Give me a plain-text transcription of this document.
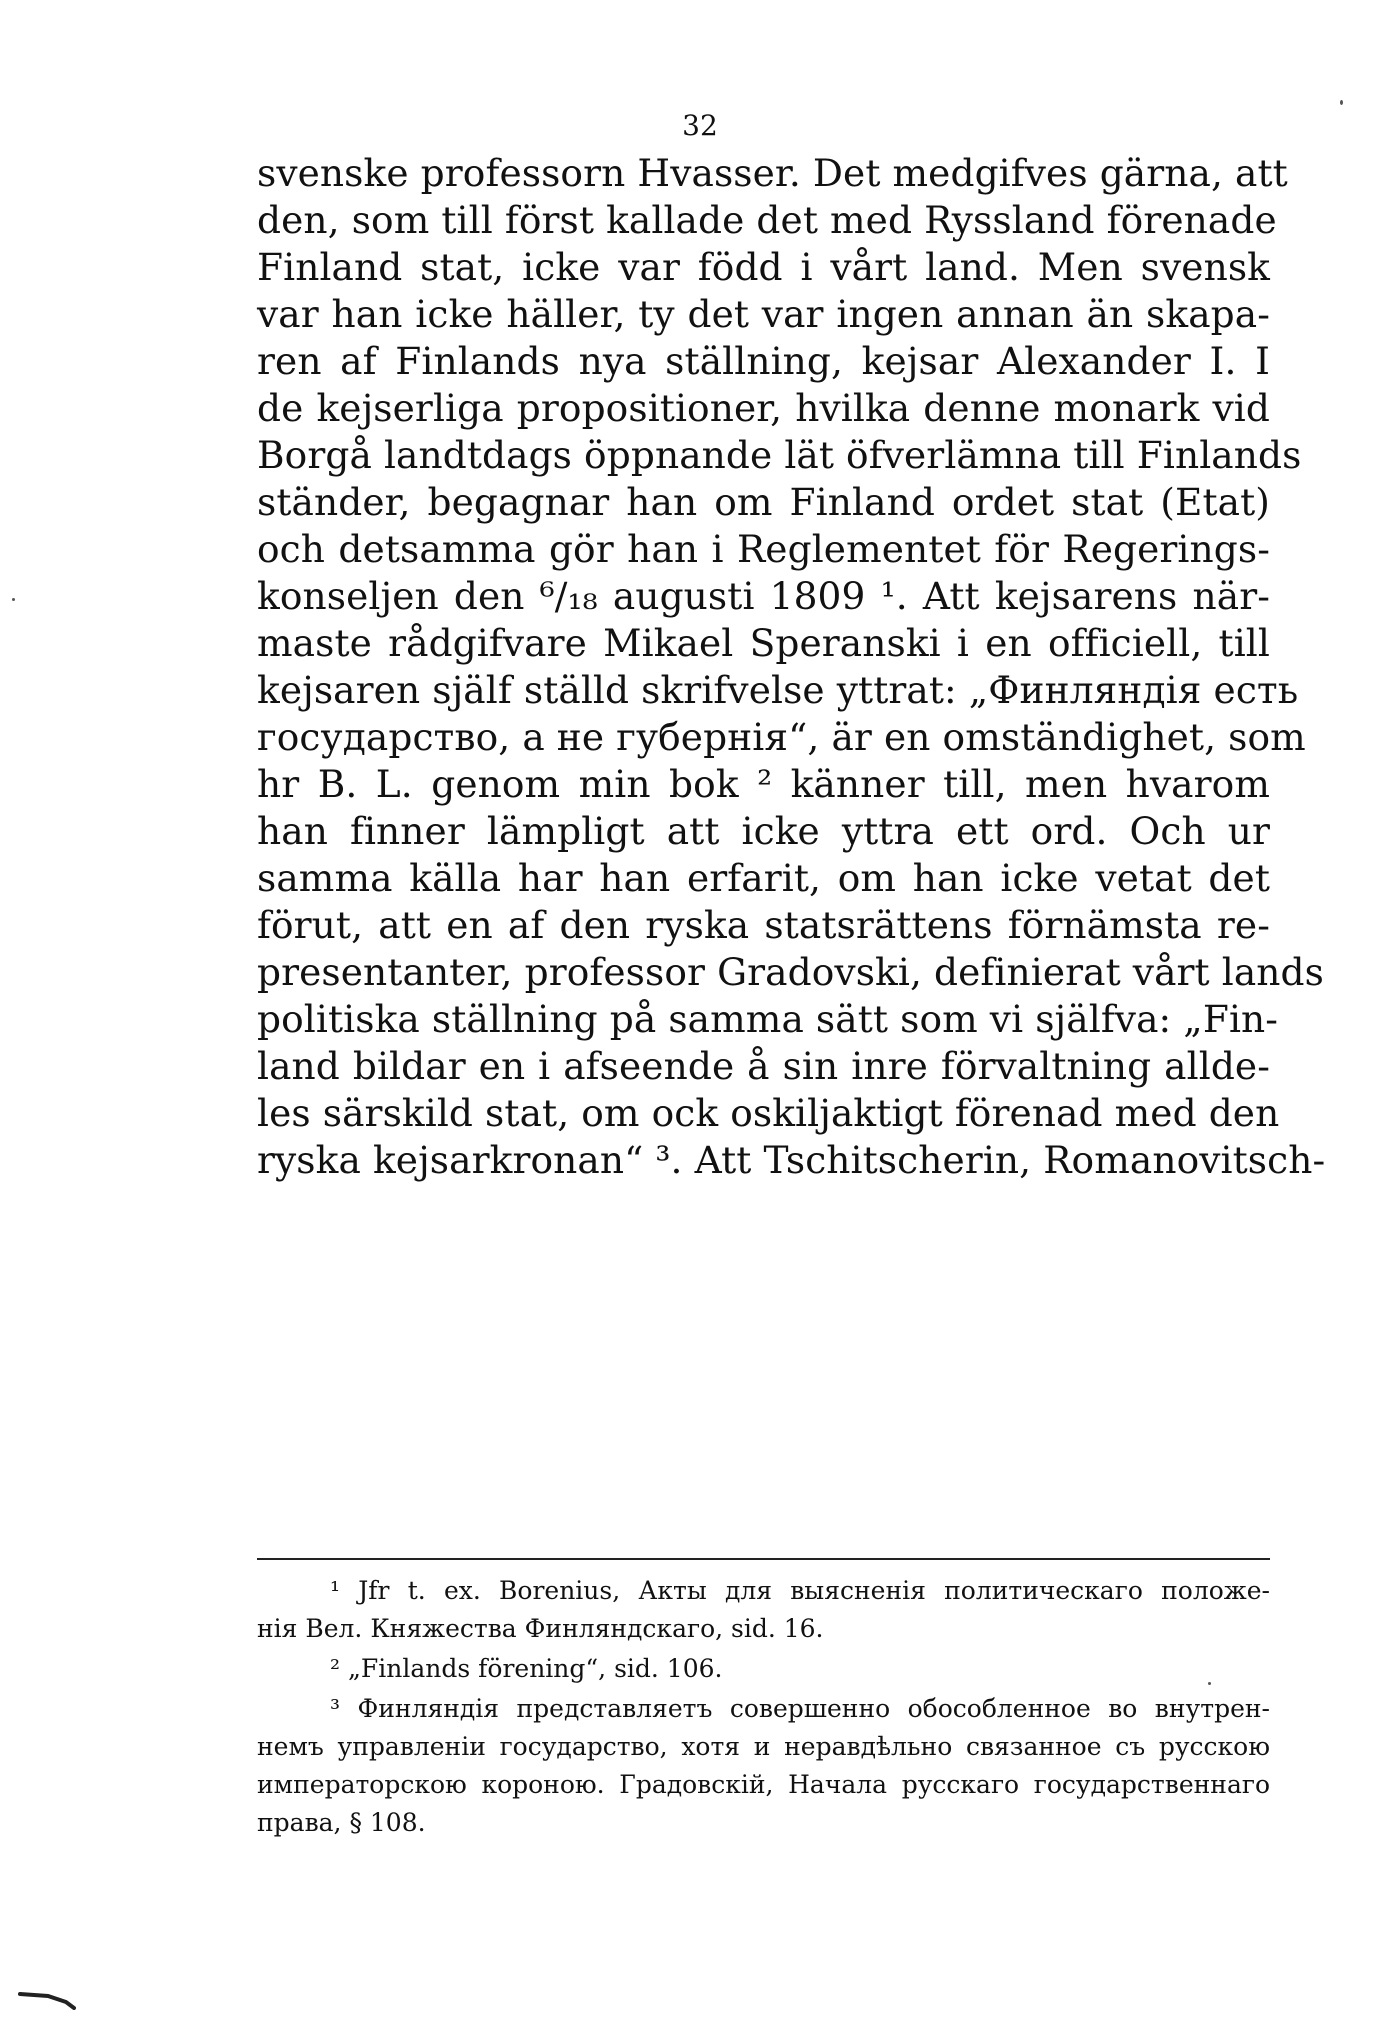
32
svenske professorn Hvasser. Det medgifves gärna, att
den, som till först kallade det med Ryssland förenade
Finland stat, icke var född i vårt land. Men svensk
var han icke häller, ty det var ingen annan än skapa-
ren af Finlands nya ställning, kejsar Alexander I. I
de kejserliga propositioner, hvilka denne monark vid
Borgå landtdags öppnande lät öfverlämna till Finlands
ständer, begagnar han om Finland ordet stat (Etat)
och detsamma gör han i Reglementet för Regerings-
konseljen den ⁶/₁₈ augusti 1809 ¹. Att kejsarens när-
maste rådgifvare Mikael Speranski i en officiell, till
kejsaren själf ställd skrifvelse yttrat: „Финляндія есть
государство, а не губернія“, är en omständighet, som
hr B. L. genom min bok ² känner till, men hvarom
han finner lämpligt att icke yttra ett ord. Och ur
samma källa har han erfarit, om han icke vetat det
förut, att en af den ryska statsrättens förnämsta re-
presentanter, professor Gradovski, definierat vårt lands
politiska ställning på samma sätt som vi själfva: „Fin-
land bildar en i afseende å sin inre förvaltning allde-
les särskild stat, om ock oskiljaktigt förenad med den
ryska kejsarkronan“ ³. Att Tschitscherin, Romanovitsch-
¹ Jfr t. ex. Borenius, Акты для выясненія политическаго положе-
нія Вел. Княжества Финляндскаго, sid. 16.
² „Finlands förening“, sid. 106.
³ Финляндія представляетъ совершенно обособленное во внутрен-
немъ управленіи государство, хотя и неравдѣльно связанное съ русскою
императорскою короною. Градовскій, Начала русскаго государственнаго
права, § 108.
